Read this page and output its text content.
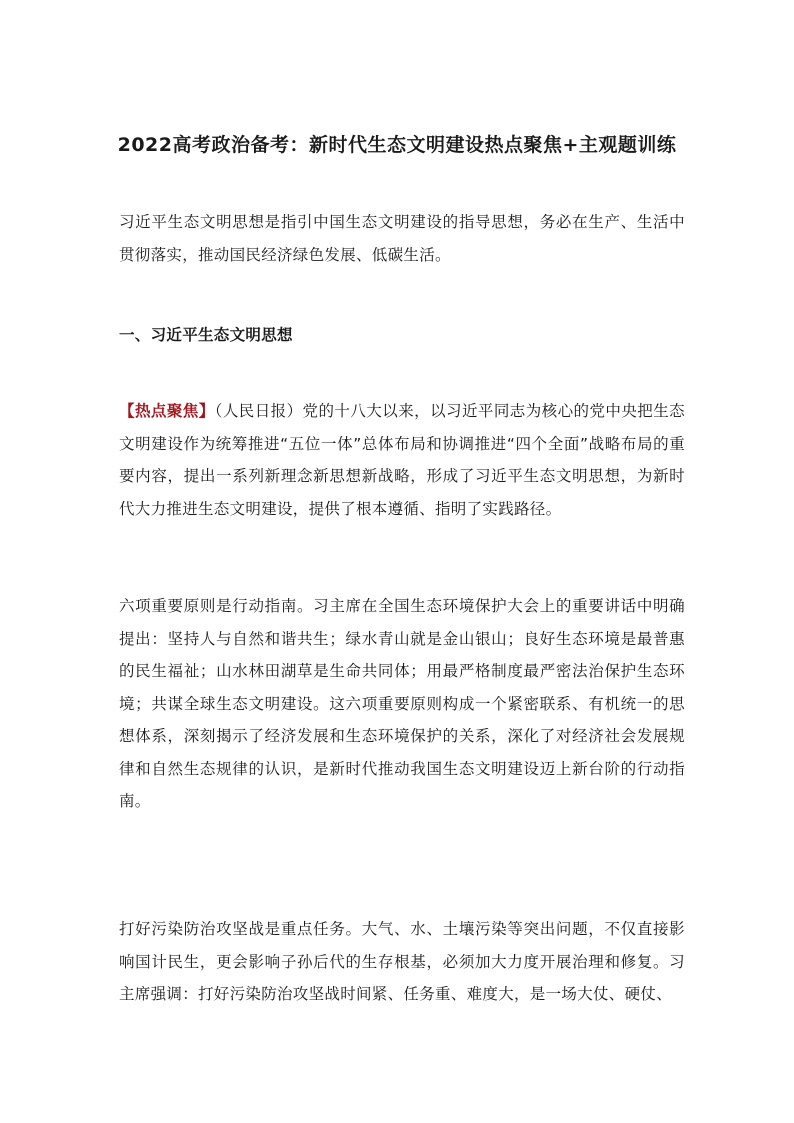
2022高考政治备考：新时代生态文明建设热点聚焦+主观题训练

习近平生态文明思想是指引中国生态文明建设的指导思想，务必在生产、生活中贯彻落实，推动国民经济绿色发展、低碳生活。

一、习近平生态文明思想

【热点聚焦】（人民日报）党的十八大以来，以习近平同志为核心的党中央把生态文明建设作为统筹推进“五位一体”总体布局和协调推进“四个全面”战略布局的重要内容，提出一系列新理念新思想新战略，形成了习近平生态文明思想，为新时代大力推进生态文明建设，提供了根本遵循、指明了实践路径。

六项重要原则是行动指南。习主席在全国生态环境保护大会上的重要讲话中明确提出：坚持人与自然和谐共生；绿水青山就是金山银山；良好生态环境是最普惠的民生福祉；山水林田湖草是生命共同体；用最严格制度最严密法治保护生态环境；共谋全球生态文明建设。这六项重要原则构成一个紧密联系、有机统一的思想体系，深刻揭示了经济发展和生态环境保护的关系，深化了对经济社会发展规律和自然生态规律的认识，是新时代推动我国生态文明建设迈上新台阶的行动指南。

打好污染防治攻坚战是重点任务。大气、水、土壤污染等突出问题，不仅直接影响国计民生，更会影响子孙后代的生存根基，必须加大力度开展治理和修复。习主席强调：打好污染防治攻坚战时间紧、任务重、难度大，是一场大仗、硬仗、
